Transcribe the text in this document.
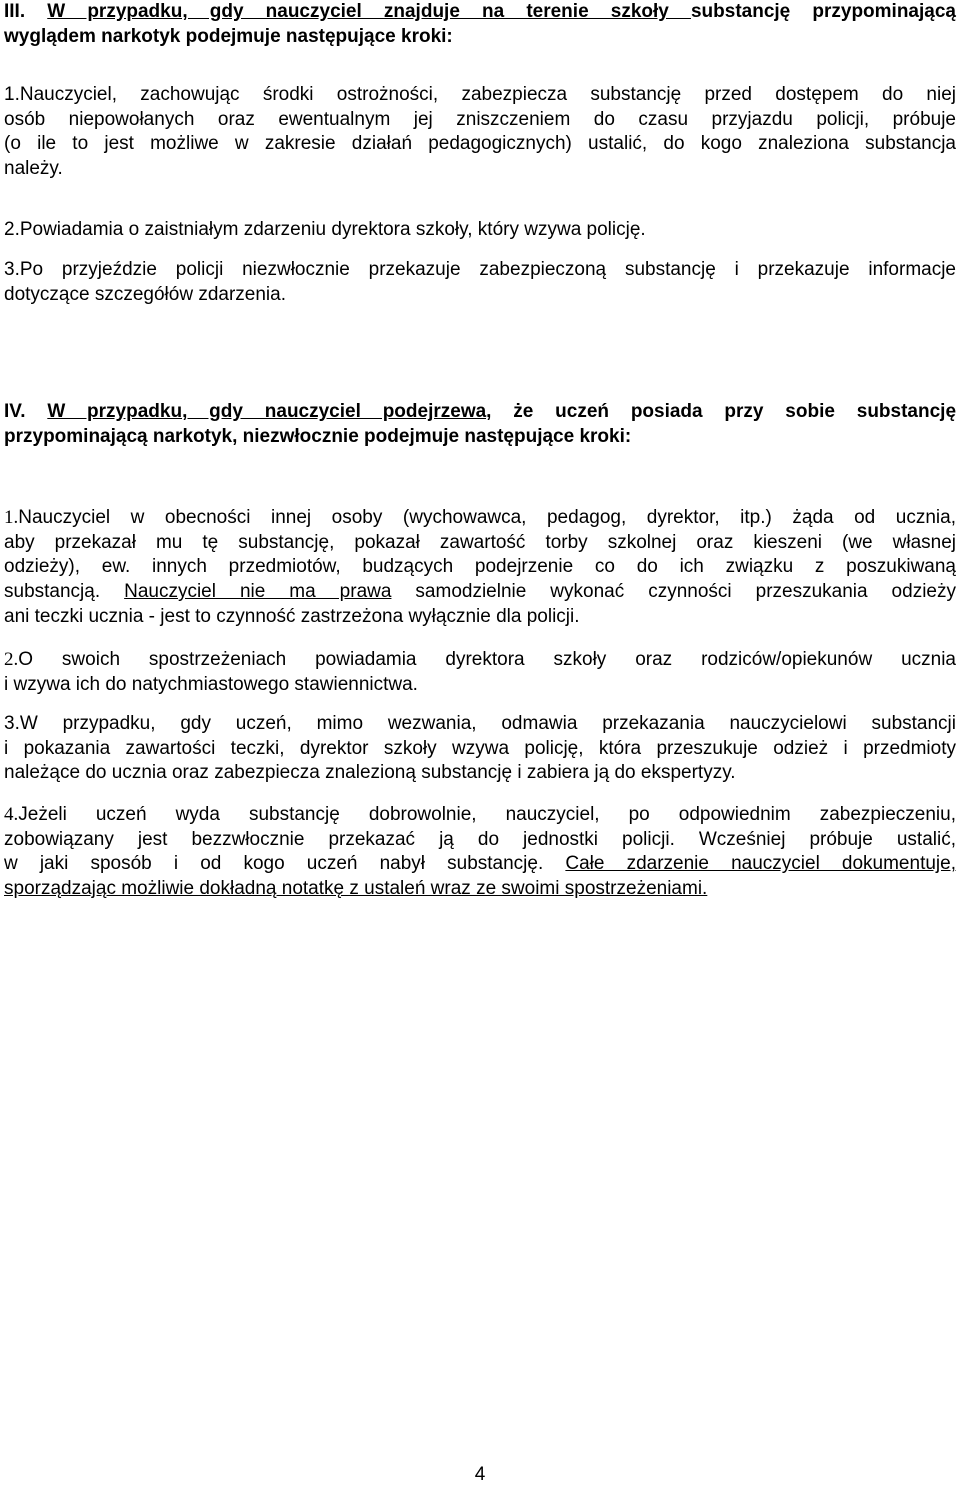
III. W przypadku, gdy nauczyciel znajduje na terenie szkoły substancję przypominającą
wyglądem narkotyk podejmuje następujące kroki:
1.Nauczyciel, zachowując środki ostrożności, zabezpiecza substancję przed dostępem do niej
osób niepowołanych oraz ewentualnym jej zniszczeniem do czasu przyjazdu policji, próbuje
(o ile to jest możliwe w zakresie działań pedagogicznych) ustalić, do kogo znaleziona substancja
należy.
2.Powiadamia o zaistniałym zdarzeniu dyrektora szkoły, który wzywa policję.
3.Po przyjeździe policji niezwłocznie przekazuje zabezpieczoną substancję i przekazuje informacje
dotyczące szczegółów zdarzenia.
IV. W przypadku, gdy nauczyciel podejrzewa, że uczeń posiada przy sobie substancję
przypominającą narkotyk, niezwłocznie podejmuje następujące kroki:
1.Nauczyciel w obecności innej osoby (wychowawca, pedagog, dyrektor, itp.) żąda od ucznia,
aby przekazał mu tę substancję, pokazał zawartość torby szkolnej oraz kieszeni (we własnej
odzieży), ew. innych przedmiotów, budzących podejrzenie co do ich związku z poszukiwaną
substancją. Nauczyciel nie ma prawa samodzielnie wykonać czynności przeszukania odzieży
ani teczki ucznia - jest to czynność zastrzeżona wyłącznie dla policji.
2.O swoich spostrzeżeniach powiadamia dyrektora szkoły oraz rodziców/opiekunów ucznia
i wzywa ich do natychmiastowego stawiennictwa.
3.W przypadku, gdy uczeń, mimo wezwania, odmawia przekazania nauczycielowi substancji
i pokazania zawartości teczki, dyrektor szkoły wzywa policję, która przeszukuje odzież i przedmioty
należące do ucznia oraz zabezpiecza znalezioną substancję i zabiera ją do ekspertyzy.
4.Jeżeli uczeń wyda substancję dobrowolnie, nauczyciel, po odpowiednim zabezpieczeniu,
zobowiązany jest bezzwłocznie przekazać ją do jednostki policji. Wcześniej próbuje ustalić,
w jaki sposób i od kogo uczeń nabył substancję. Całe zdarzenie nauczyciel dokumentuje,
sporządzając możliwie dokładną notatkę z ustaleń wraz ze swoimi spostrzeżeniami.
4
